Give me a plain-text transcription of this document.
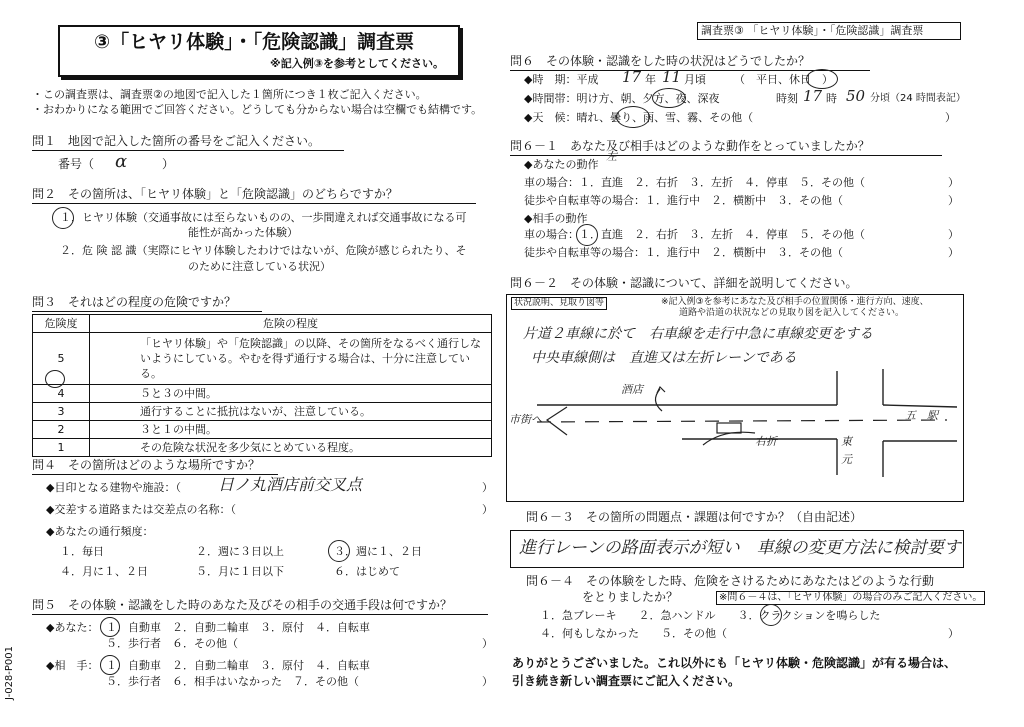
③「ヒヤリ体験」・「危険認識」調査票
※記入例③を参考としてください。
・この調査票は、調査票②の地図で記入した１箇所につき１枚ご記入ください。
・おわかりになる範囲でご回答ください。どうしても分からない場合は空欄でも結構です。
問１　地図で記入した箇所の番号をご記入ください。
番号（ α	）
問２　その箇所は、「ヒヤリ体験」と「危険認識」のどちらですか？
１．ヒヤリ体験（交通事故には至らないものの、一歩間違えれば交通事故になる可
能性が高かった体験）
２．危 険 認 識（実際にヒヤリ体験したわけではないが、危険が感じられたり、そ
のために注意している状況）
問３　それはどの程度の危険ですか？
危険度	危険の程度
5	「ヒヤリ体験」や「危険認識」の以降、その箇所をなるべく通行しないようにしている。やむを得ず通行する場合は、十分に注意している。
4	５と３の中間。
3	通行することに抵抗はないが、注意している。
2	３と１の中間。
1	その危険な状況を多少気にとめている程度。
問４　その箇所はどのような場所ですか？
◆目印となる建物や施設：（ 日ノ丸酒店前交叉点	）
◆交差する道路または交差点の名称：（	）
◆あなたの通行頻度：
１．毎日	２．週に３日以上	３．週に１、２日
４．月に１、２日	５．月に１日以下	６．はじめて
問５　その体験・認識をした時のあなた及びその相手の交通手段は何ですか？
◆あなた： １．自動車　２．自動二輪車　３．原付　４．自転車
５．歩行者　６．その他（	）
◆相　手： １．自動車　２．自動二輪車　３．原付　４．自転車
５．歩行者　６．相手はいなかった　７．その他（	）
J-028-P001
調査票③ 「ヒヤリ体験」・「危険認識」調査票
問６　その体験・認識をした時の状況はどうでしたか？
◆時　期：平成 17 年 11 月頃	（　平日、休日　）
◆時間帯：明け方、朝、夕方、夜、深夜	時刻 17 時 50 分頃（24 時間表記）
◆天　候：晴れ、曇り、雨、雪、霧、その他（	）
問６－１　あなた及び相手はどのような動作をとっていましたか？
◆あなたの動作
左
車の場合：１．直進　２．右折　３．左折　４．停車　５．その他（	）
徒歩や自転車等の場合：１．進行中　２．横断中　３．その他（	）
◆相手の動作
車の場合：１．直進　２．右折　３．左折　４．停車　５．その他（	）
徒歩や自転車等の場合：１．進行中　２．横断中　３．その他（	）
問６－２　その体験・認識について、詳細を説明してください。
状況説明、見取り図等	※記入例③を参考にあなた及び相手の位置関係・進行方向、速度、
道路や沿道の状況などの見取り図を記入してください。
片道２車線に於て　右車線を走行中急に車線変更をする
中央車線側は　直進又は左折レーンである
市街へ	五　駅
酒店
右折	東
元
問６－３　その箇所の問題点・課題は何ですか？（自由記述）
進行レーンの路面表示が短い　車線の変更方法に検討要す
問６－４　その体験をした時、危険をさけるためにあなたはどのような行動
をとりましたか？	※問６－４は、「ヒヤリ体験」の場合のみご記入ください。
１．急ブレーキ　　２．急ハンドル　　３．クラクションを鳴らした
４．何もしなかった　　５．その他（	）
ありがとうございました。これ以外にも「ヒヤリ体験・危険認識」が有る場合は、
引き続き新しい調査票にご記入ください。
